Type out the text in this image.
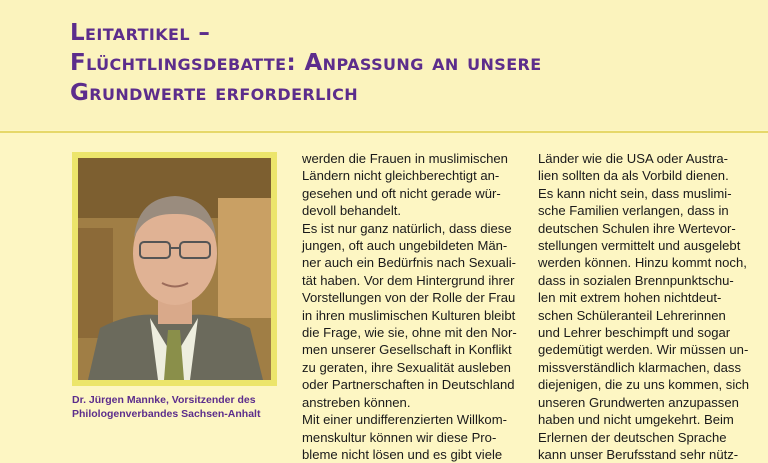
Leitartikel –
Flüchtlingsdebatte: Anpassung an unsere
Grundwerte erforderlich
Dr. Jürgen Mannke, Vorsitzender des
Philologenverbandes Sachsen-Anhalt

werden die Frauen in muslimischen

Ländern nicht gleichberechtigt an-

gesehen und oft nicht gerade wür-

devoll behandelt.

Es ist nur ganz natürlich, dass diese

jungen, oft auch ungebildeten Män-

ner auch ein Bedürfnis nach Sexuali-

tät haben. Vor dem Hintergrund ihrer

Vorstellungen von der Rolle der Frau

in ihren muslimischen Kulturen bleibt

die Frage, wie sie, ohne mit den Nor-

men unserer Gesellschaft in Konflikt

zu geraten, ihre Sexualität ausleben

oder Partnerschaften in Deutschland

anstreben können.

Mit einer undifferenzierten Willkom-

menskultur können wir diese Pro-

bleme nicht lösen und es gibt viele

Länder wie die USA oder Austra-

lien sollten da als Vorbild dienen.

Es kann nicht sein, dass muslimi-

sche Familien verlangen, dass in

deutschen Schulen ihre Wertevor-

stellungen vermittelt und ausgelebt

werden können. Hinzu kommt noch,

dass in sozialen Brennpunktschu-

len mit extrem hohen nichtdeut-

schen Schüleranteil Lehrerinnen

und Lehrer beschimpft und sogar

gedemütigt werden. Wir müssen un-

missverständlich klarmachen, dass

diejenigen, die zu uns kommen, sich

unseren Grundwerten anzupassen

haben und nicht umgekehrt. Beim

Erlernen der deutschen Sprache

kann unser Berufsstand sehr nütz-
